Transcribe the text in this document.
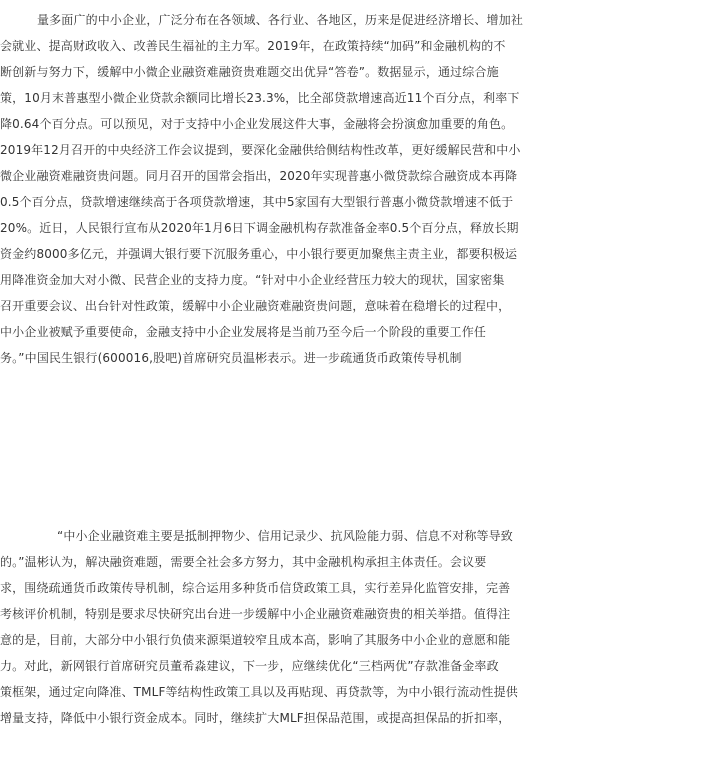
量多面广的中小企业，广泛分布在各领域、各行业、各地区，历来是促进经济增长、增加社
会就业、提高财政收入、改善民生福祉的主力军。2019年，在政策持续“加码”和金融机构的不
断创新与努力下，缓解中小微企业融资难融资贵难题交出优异“答卷”。数据显示，通过综合施
策，10月末普惠型小微企业贷款余额同比增长23.3%，比全部贷款增速高近11个百分点，利率下
降0.64个百分点。可以预见，对于支持中小企业发展这件大事，金融将会扮演愈加重要的角色。
2019年12月召开的中央经济工作会议提到，要深化金融供给侧结构性改革，更好缓解民营和中小
微企业融资难融资贵问题。同月召开的国常会指出，2020年实现普惠小微贷款综合融资成本再降
0.5个百分点，贷款增速继续高于各项贷款增速，其中5家国有大型银行普惠小微贷款增速不低于
20%。近日，人民银行宣布从2020年1月6日下调金融机构存款准备金率0.5个百分点，释放长期
资金约8000多亿元，并强调大银行要下沉服务重心，中小银行要更加聚焦主责主业，都要积极运
用降准资金加大对小微、民营企业的支持力度。“针对中小企业经营压力较大的现状，国家密集
召开重要会议、出台针对性政策，缓解中小企业融资难融资贵问题，意味着在稳增长的过程中，
中小企业被赋予重要使命，金融支持中小企业发展将是当前乃至今后一个阶段的重要工作任
务。”中国民生银行(600016,股吧)首席研究员温彬表示。进一步疏通货币政策传导机制
“中小企业融资难主要是抵制押物少、信用记录少、抗风险能力弱、信息不对称等导致
的。”温彬认为，解决融资难题，需要全社会多方努力，其中金融机构承担主体责任。会议要
求，围绕疏通货币政策传导机制，综合运用多种货币信贷政策工具，实行差异化监管安排，完善
考核评价机制，特别是要求尽快研究出台进一步缓解中小企业融资难融资贵的相关举措。值得注
意的是，目前，大部分中小银行负债来源渠道较窄且成本高，影响了其服务中小企业的意愿和能
力。对此，新网银行首席研究员董希淼建议，下一步，应继续优化“三档两优”存款准备金率政
策框架，通过定向降准、TMLF等结构性政策工具以及再贴现、再贷款等，为中小银行流动性提供
增量支持，降低中小银行资金成本。同时，继续扩大MLF担保品范围，或提高担保品的折扣率，
